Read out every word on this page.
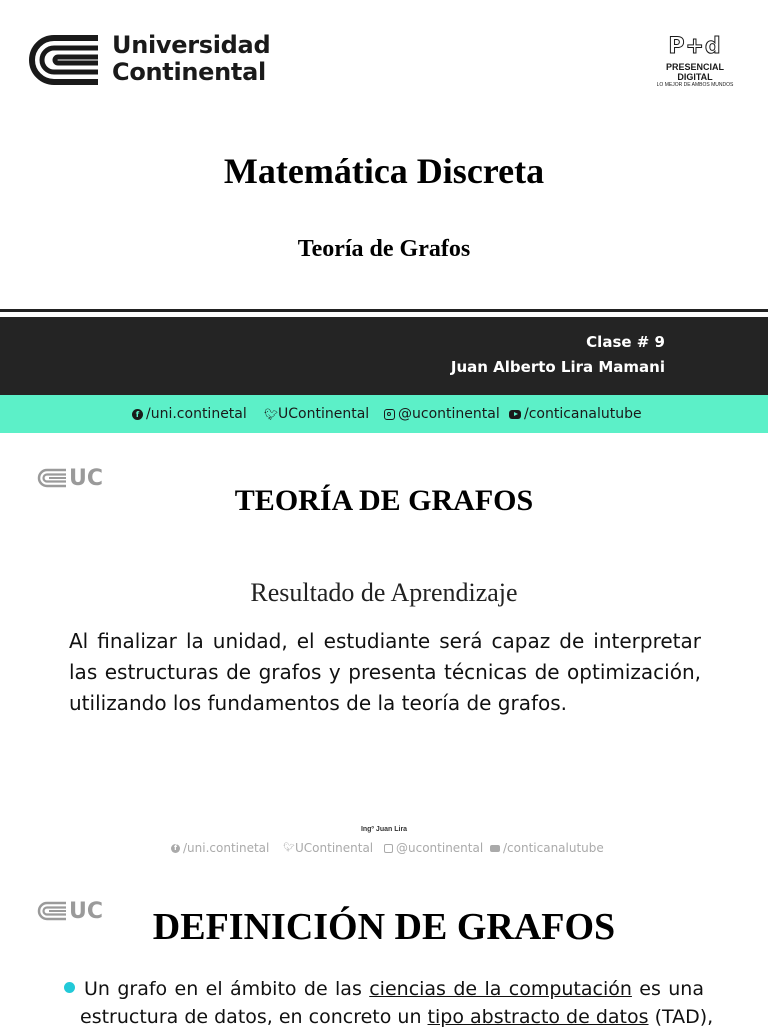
Universidad
Continental
P+d
PRESENCIAL DIGITAL
LO MEJOR DE AMBOS MUNDOS
Matemática Discreta
Teoría de Grafos
Clase # 9
Juan Alberto Lira Mamani
f /uni.continetal 🐦︎ UContinental @ucontinental /conticanalutube
UC
TEORÍA DE GRAFOS
Resultado de Aprendizaje
Al finalizar la unidad, el estudiante será capaz de interpretar las estructuras de grafos y presenta técnicas de optimización, utilizando los fundamentos de la teoría de grafos.
Ingº Juan Lira
f /uni.continetal 🐦︎ UContinental @ucontinental /conticanalutube
UC	DEFINICIÓN DE GRAFOS
Un grafo en el ámbito de las ciencias de la computación es una
estructura de datos, en concreto un tipo abstracto de datos (TAD),
